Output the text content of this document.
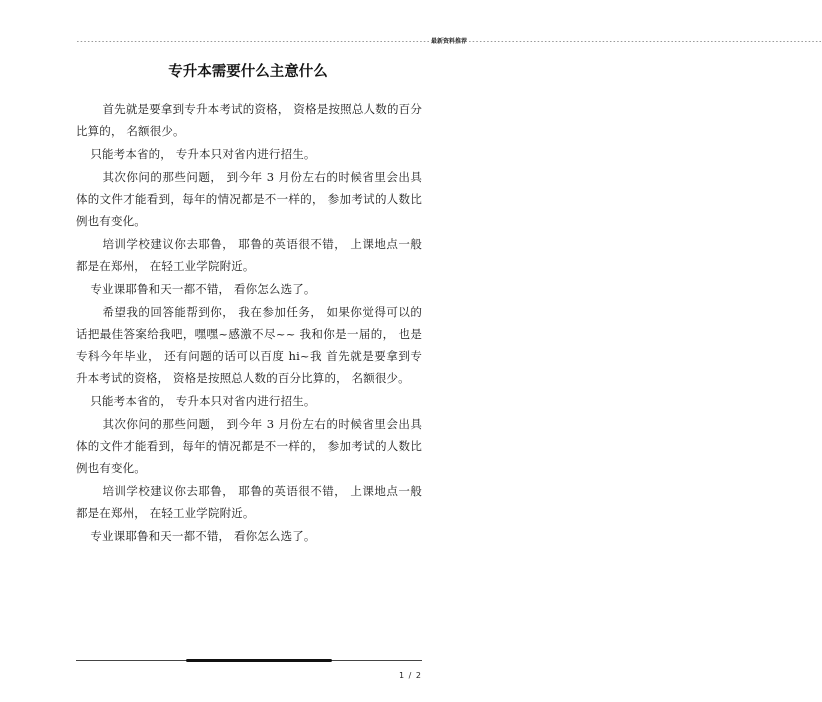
-------------------------------------------------------------------------------------------------- 最新资料推荐 --------------------------------------------------------------------------------------------------
专升本需要什么主意什么

首先就是要拿到专升本考试的资格， 资格是按照总人数的百分比算的， 名额很少。

只能考本省的， 专升本只对省内进行招生。

其次你问的那些问题， 到今年 3 月份左右的时候省里会出具体的文件才能看到，每年的情况都是不一样的， 参加考试的人数比例也有变化。

培训学校建议你去耶鲁， 耶鲁的英语很不错， 上课地点一般都是在郑州， 在轻工业学院附近。

专业课耶鲁和天一都不错， 看你怎么选了。

希望我的回答能帮到你， 我在参加任务， 如果你觉得可以的话把最佳答案给我吧，嘿嘿~感激不尽~~ 我和你是一届的， 也是专科今年毕业， 还有问题的话可以百度 hi~我 首先就是要拿到专升本考试的资格， 资格是按照总人数的百分比算的， 名额很少。

只能考本省的， 专升本只对省内进行招生。

其次你问的那些问题， 到今年 3 月份左右的时候省里会出具体的文件才能看到，每年的情况都是不一样的， 参加考试的人数比例也有变化。

培训学校建议你去耶鲁， 耶鲁的英语很不错， 上课地点一般都是在郑州， 在轻工业学院附近。

专业课耶鲁和天一都不错， 看你怎么选了。

1 / 2
